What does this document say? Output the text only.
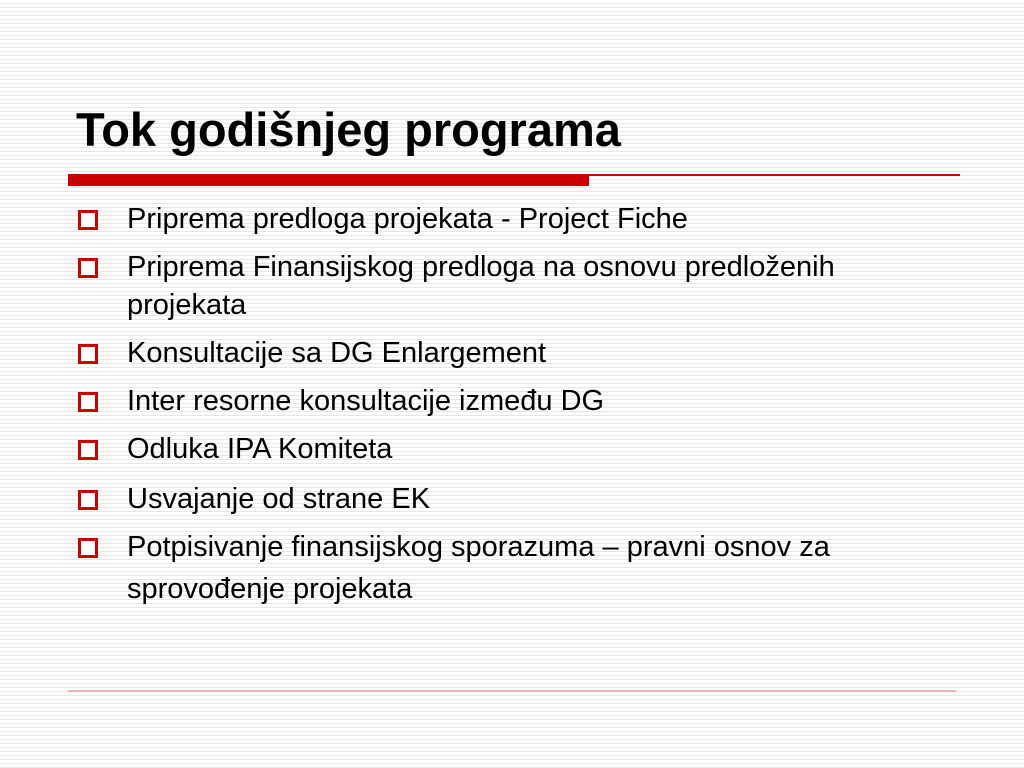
Tok godišnjeg programa
Priprema predloga projekata - Project Fiche
Priprema Finansijskog predloga na osnovu predloženih projekata
Konsultacije sa DG Enlargement
Inter resorne konsultacije između DG
Odluka IPA Komiteta
Usvajanje od strane EK
Potpisivanje finansijskog sporazuma – pravni osnov za sprovođenje projekata
